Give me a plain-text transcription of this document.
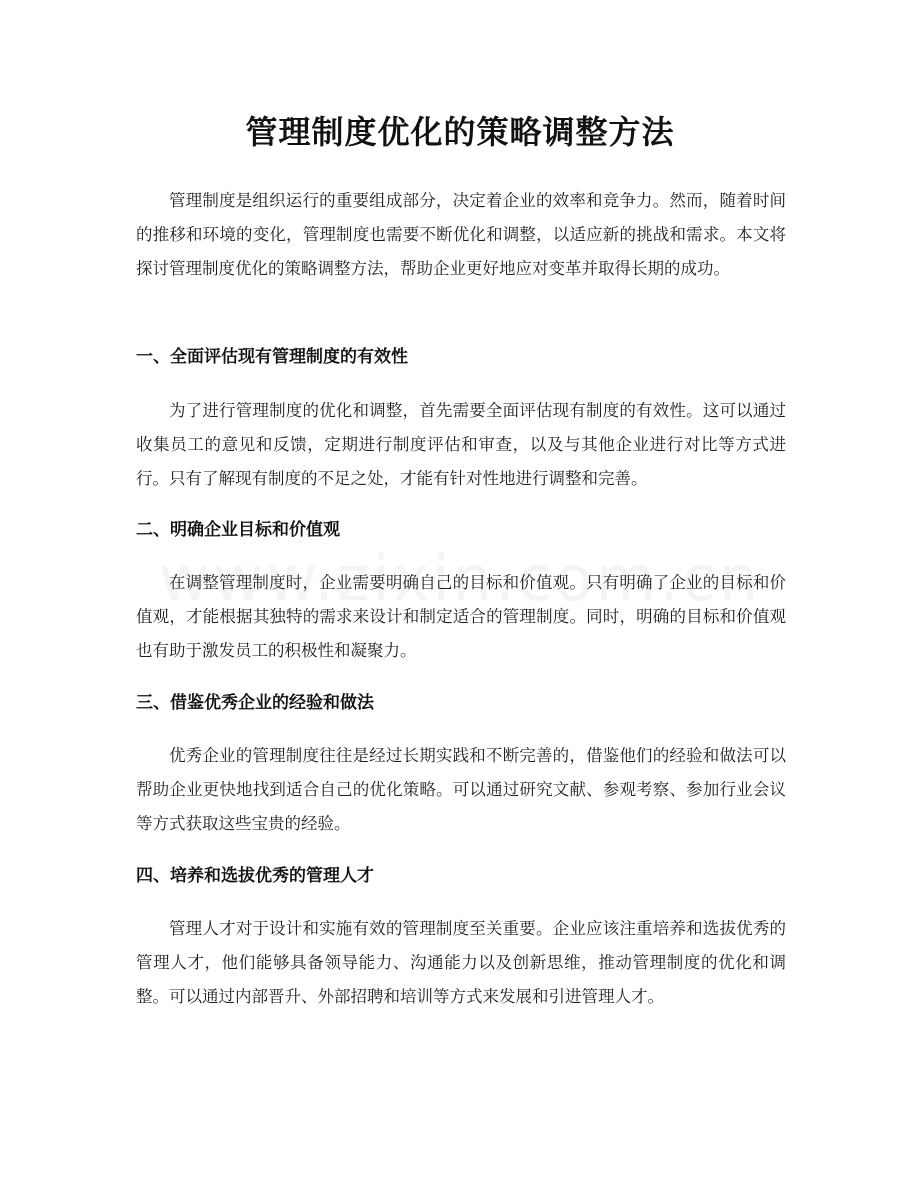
管理制度优化的策略调整方法

管理制度是组织运行的重要组成部分，决定着企业的效率和竞争力。然而，随着时间的推移和环境的变化，管理制度也需要不断优化和调整，以适应新的挑战和需求。本文将探讨管理制度优化的策略调整方法，帮助企业更好地应对变革并取得长期的成功。

一、全面评估现有管理制度的有效性

为了进行管理制度的优化和调整，首先需要全面评估现有制度的有效性。这可以通过收集员工的意见和反馈，定期进行制度评估和审查，以及与其他企业进行对比等方式进行。只有了解现有制度的不足之处，才能有针对性地进行调整和完善。

二、明确企业目标和价值观

在调整管理制度时，企业需要明确自己的目标和价值观。只有明确了企业的目标和价值观，才能根据其独特的需求来设计和制定适合的管理制度。同时，明确的目标和价值观也有助于激发员工的积极性和凝聚力。

三、借鉴优秀企业的经验和做法

优秀企业的管理制度往往是经过长期实践和不断完善的，借鉴他们的经验和做法可以帮助企业更快地找到适合自己的优化策略。可以通过研究文献、参观考察、参加行业会议等方式获取这些宝贵的经验。

四、培养和选拔优秀的管理人才

管理人才对于设计和实施有效的管理制度至关重要。企业应该注重培养和选拔优秀的管理人才，他们能够具备领导能力、沟通能力以及创新思维，推动管理制度的优化和调整。可以通过内部晋升、外部招聘和培训等方式来发展和引进管理人才。
